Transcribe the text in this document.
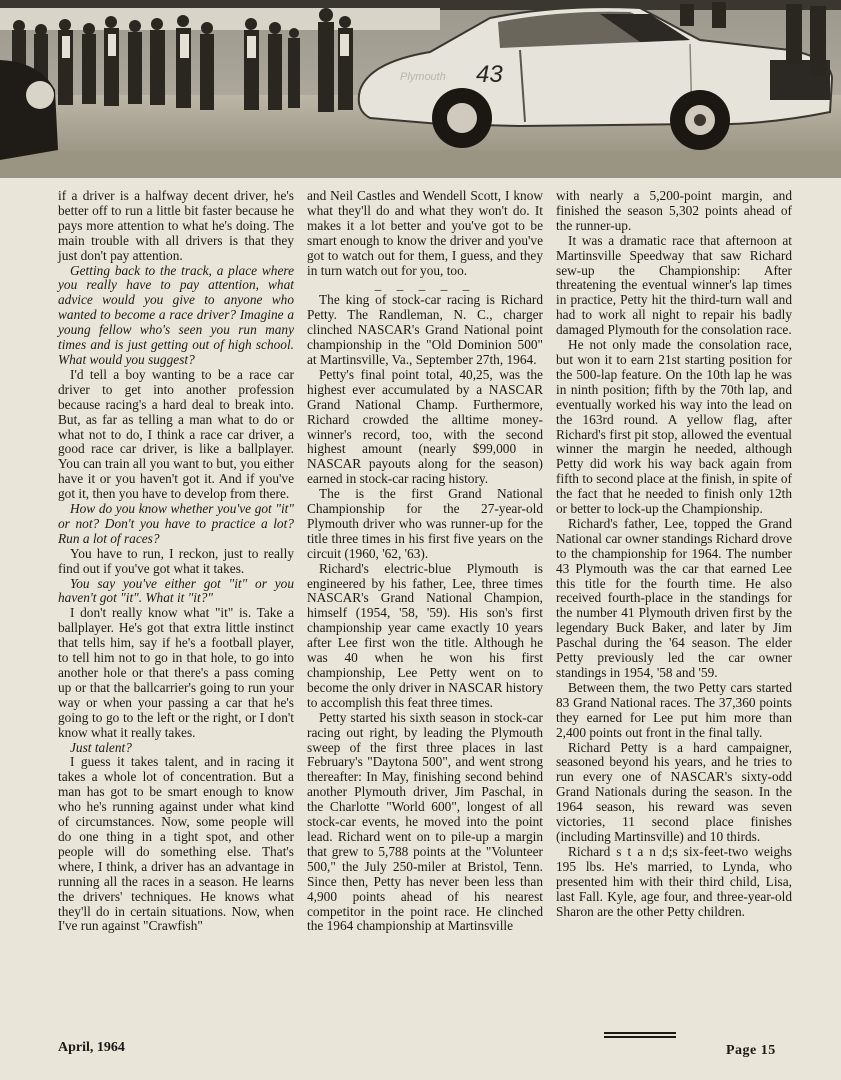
43
Plymouth

if a driver is a halfway decent driver, he's better off to run a little bit faster because he pays more attention to what he's doing. The main trouble with all drivers is that they just don't pay attention.

Getting back to the track, a place where you really have to pay attention, what advice would you give to anyone who wanted to become a race driver? Imagine a young fellow who's seen you run many times and is just getting out of high school. What would you suggest?

I'd tell a boy wanting to be a race car driver to get into another profession because racing's a hard deal to break into. But, as far as telling a man what to do or what not to do, I think a race car driver, a good race car driver, is like a ballplayer. You can train all you want to but, you either have it or you haven't got it. And if you've got it, then you have to develop from there.

How do you know whether you've got "it" or not? Don't you have to practice a lot? Run a lot of races?

You have to run, I reckon, just to really find out if you've got what it takes.

You say you've either got "it" or you haven't got "it". What it "it?"

I don't really know what "it" is. Take a ballplayer. He's got that extra little instinct that tells him, say if he's a football player, to tell him not to go in that hole, to go into another hole or that there's a pass coming up or that the ballcarrier's going to run your way or when your passing a car that he's going to go to the left or the right, or I don't know what it really takes.

Just talent?

I guess it takes talent, and in racing it takes a whole lot of concentration. But a man has got to be smart enough to know who he's running against under what kind of circumstances. Now, some people will do one thing in a tight spot, and other people will do something else. That's where, I think, a driver has an advantage in running all the races in a season. He learns the drivers' techniques. He knows what they'll do in certain situations. Now, when I've run against "Crawfish"

and Neil Castles and Wendell Scott, I know what they'll do and what they won't do. It makes it a lot better and you've got to be smart enough to know the driver and you've got to watch out for them, I guess, and they in turn watch out for you, too.

_ _ _ _ _

The king of stock-car racing is Richard Petty. The Randleman, N. C., charger clinched NASCAR's Grand National point championship in the "Old Dominion 500" at Martinsville, Va., September 27th, 1964.

Petty's final point total, 40,25, was the highest ever accumulated by a NASCAR Grand National Champ. Furthermore, Richard crowded the alltime money-winner's record, too, with the second highest amount (nearly $99,000 in NASCAR payouts along for the season) earned in stock-car racing history.

The is the first Grand National Championship for the 27-year-old Plymouth driver who was runner-up for the title three times in his first five years on the circuit (1960, '62, '63).

Richard's electric-blue Plymouth is engineered by his father, Lee, three times NASCAR's Grand National Champion, himself (1954, '58, '59). His son's first championship year came exactly 10 years after Lee first won the title. Although he was 40 when he won his first championship, Lee Petty went on to become the only driver in NASCAR history to accomplish this feat three times.

Petty started his sixth season in stock-car racing out right, by leading the Plymouth sweep of the first three places in last February's "Daytona 500", and went strong thereafter: In May, finishing second behind another Plymouth driver, Jim Paschal, in the Charlotte "World 600", longest of all stock-car events, he moved into the point lead. Richard went on to pile-up a margin that grew to 5,788 points at the "Volunteer 500," the July 250-miler at Bristol, Tenn. Since then, Petty has never been less than 4,900 points ahead of his nearest competitor in the point race. He clinched the 1964 championship at Martinsville

with nearly a 5,200-point margin, and finished the season 5,302 points ahead of the runner-up.

It was a dramatic race that afternoon at Martinsville Speedway that saw Richard sew-up the Championship: After threatening the eventual winner's lap times in practice, Petty hit the third-turn wall and had to work all night to repair his badly damaged Plymouth for the consolation race.

He not only made the consolation race, but won it to earn 21st starting position for the 500-lap feature. On the 10th lap he was in ninth position; fifth by the 70th lap, and eventually worked his way into the lead on the 163rd round. A yellow flag, after Richard's first pit stop, allowed the eventual winner the margin he needed, although Petty did work his way back again from fifth to second place at the finish, in spite of the fact that he needed to finish only 12th or better to lock-up the Championship.

Richard's father, Lee, topped the Grand National car owner standings Richard drove to the championship for 1964. The number 43 Plymouth was the car that earned Lee this title for the fourth time. He also received fourth-place in the standings for the number 41 Plymouth driven first by the legendary Buck Baker, and later by Jim Paschal during the '64 season. The elder Petty previously led the car owner standings in 1954, '58 and '59.

Between them, the two Petty cars started 83 Grand National races. The 37,360 points they earned for Lee put him more than 2,400 points out front in the final tally.

Richard Petty is a hard campaigner, seasoned beyond his years, and he tries to run every one of NASCAR's sixty-odd Grand Nationals during the season. In the 1964 season, his reward was seven victories, 11 second place finishes (including Martinsville) and 10 thirds.

Richard s t a n d;s six-feet-two weighs 195 lbs. He's married, to Lynda, who presented him with their third child, Lisa, last Fall. Kyle, age four, and three-year-old Sharon are the other Petty children.

April, 1964	Page 15
